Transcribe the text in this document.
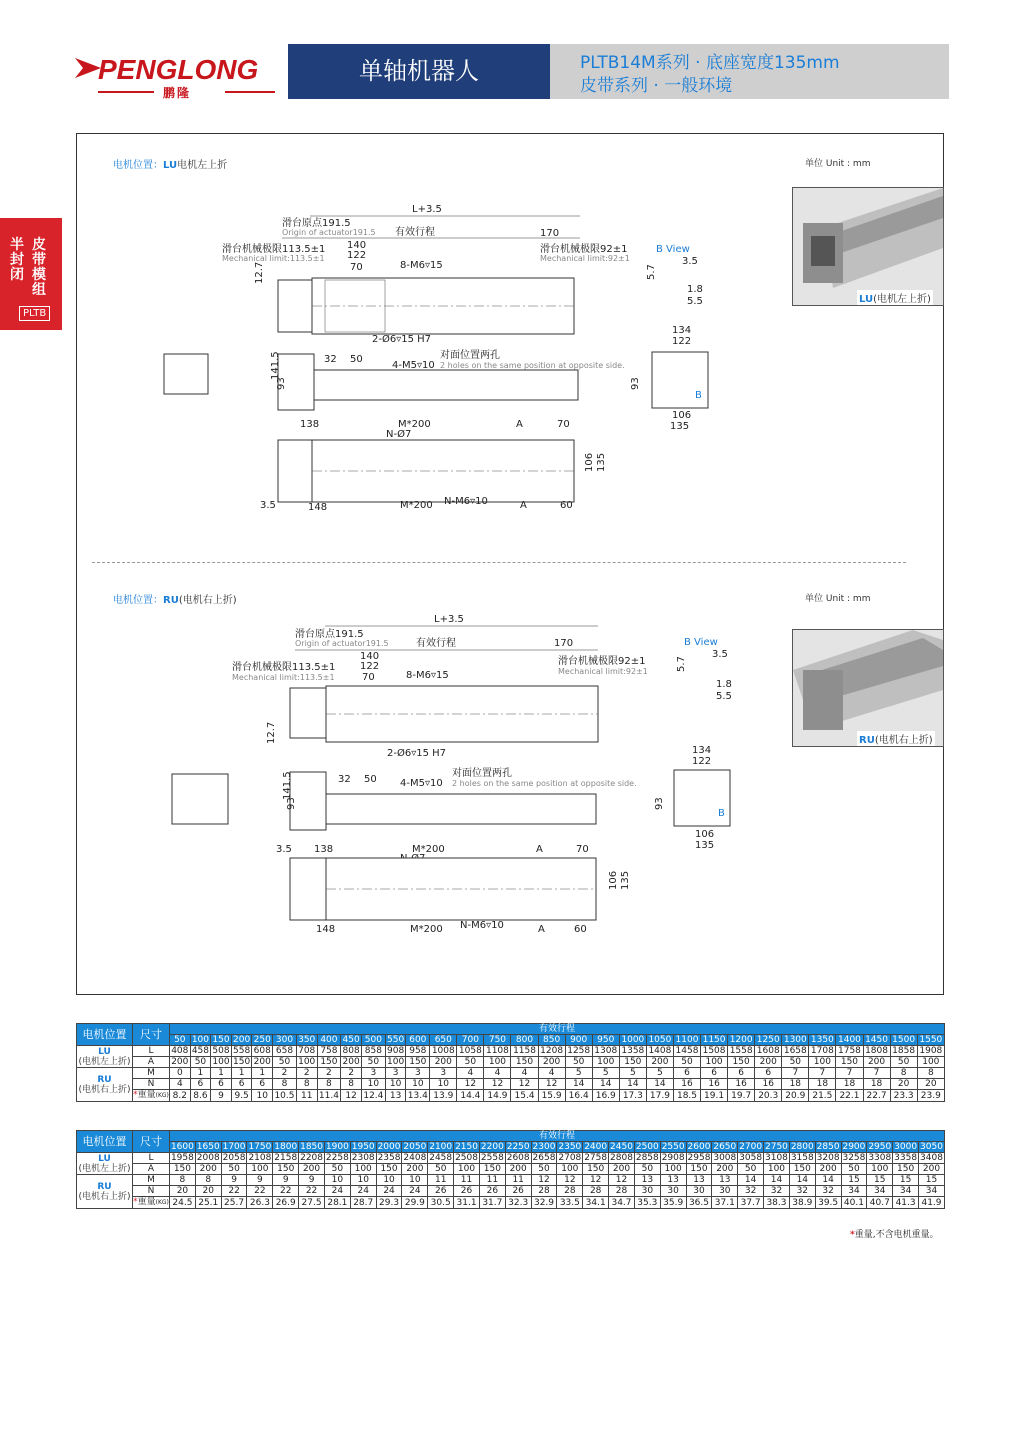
PENGLONG
鹏隆
单轴机器人	PLTB14M系列 · 底座宽度135mm
皮带系列 · 一般环境
皮带模组
半封闭
PLTB
电机位置：LU电机左上折	单位 Unit : mm
LU(电机左上折)
L+3.5
滑台原点191.5
Origin of actuator191.5 有效行程	170
140
122
70
滑台机械极限113.5±1
Mechanical limit:113.5±1
滑台机械极限92±1
Mechanical limit:92±1
8-M6▿15
12.7
2-Ø6▿15 H7
B View
3.5
5.7
1.8
5.5
32 50
4-M5▿10
对面位置两孔
2 holes on the same position at opposite side.
141.5
93
134
122
B
93
106
135
138	M*200
N-Ø7
A	70
106 135
3.5	148	M*200 N-M6▿10	A	60
电机位置：RU(电机右上折)	单位 Unit : mm
RU(电机右上折)
L+3.5
滑台原点191.5
Origin of actuator191.5	有效行程	170
140
122
70
滑台机械极限113.5±1
Mechanical limit:113.5±1
滑台机械极限92±1
Mechanical limit:92±1
8-M6▿15
12.7
2-Ø6▿15 H7
B View
3.5
5.7
1.8
5.5
32 50 4-M5▿10
对面位置两孔
2 holes on the same position at opposite side.
141.5
93
134
122
B
93
106
135
3.5 138	M*200	A	70
106 135
148	M*200 N-M6▿10	A	60
电机位置	尺寸	有效行程																														
		50	100	150	200	250	300	350	400	450	500	550	600	650	700	750	800	850	900	950	1000	1050	1100	1150	1200	1250	1300	1350	1400	1450	1500	1550
LU
(电机左上折)	L	408	458	508	558	608	658	708	758	808	858	908	958	1008	1058	1108	1158	1208	1258	1308	1358	1408	1458	1508	1558	1608	1658	1708	1758	1808	1858	1908
	A	200	50	100	150	200	50	100	150	200	50	100	150	200	50	100	150	200	50	100	150	200	50	100	150	200	50	100	150	200	50	100
RU
(电机右上折)	M	0	1	1	1	1	2	2	2	2	3	3	3	3	4	4	4	4	5	5	5	5	6	6	6	6	7	7	7	7	8	8
	N	4	6	6	6	6	8	8	8	8	10	10	10	10	12	12	12	12	14	14	14	14	16	16	16	16	18	18	18	18	20	20
	*重量(KG)	8.2	8.6	9	9.5	10	10.5	11	11.4	12	12.4	13	13.4	13.9	14.4	14.9	15.4	15.9	16.4	16.9	17.3	17.9	18.5	19.1	19.7	20.3	20.9	21.5	22.1	22.7	23.3	23.9
电机位置	尺寸	有效行程																													
		1600	1650	1700	1750	1800	1850	1900	1950	2000	2050	2100	2150	2200	2250	2300	2350	2400	2450	2500	2550	2600	2650	2700	2750	2800	2850	2900	2950	3000	3050
LU
(电机左上折)	L	1958	2008	2058	2108	2158	2208	2258	2308	2358	2408	2458	2508	2558	2608	2658	2708	2758	2808	2858	2908	2958	3008	3058	3108	3158	3208	3258	3308	3358	3408
	A	150	200	50	100	150	200	50	100	150	200	50	100	150	200	50	100	150	200	50	100	150	200	50	100	150	200	50	100	150	200
RU
(电机右上折)	M	8	8	9	9	9	9	10	10	10	10	11	11	11	11	12	12	12	12	13	13	13	13	14	14	14	14	15	15	15	15
	N	20	20	22	22	22	22	24	24	24	24	26	26	26	26	28	28	28	28	30	30	30	30	32	32	32	32	34	34	34	34
	*重量(KG)	24.5	25.1	25.7	26.3	26.9	27.5	28.1	28.7	29.3	29.9	30.5	31.1	31.7	32.3	32.9	33.5	34.1	34.7	35.3	35.9	36.5	37.1	37.7	38.3	38.9	39.5	40.1	40.7	41.3	41.9
*重量,不含电机重量。
